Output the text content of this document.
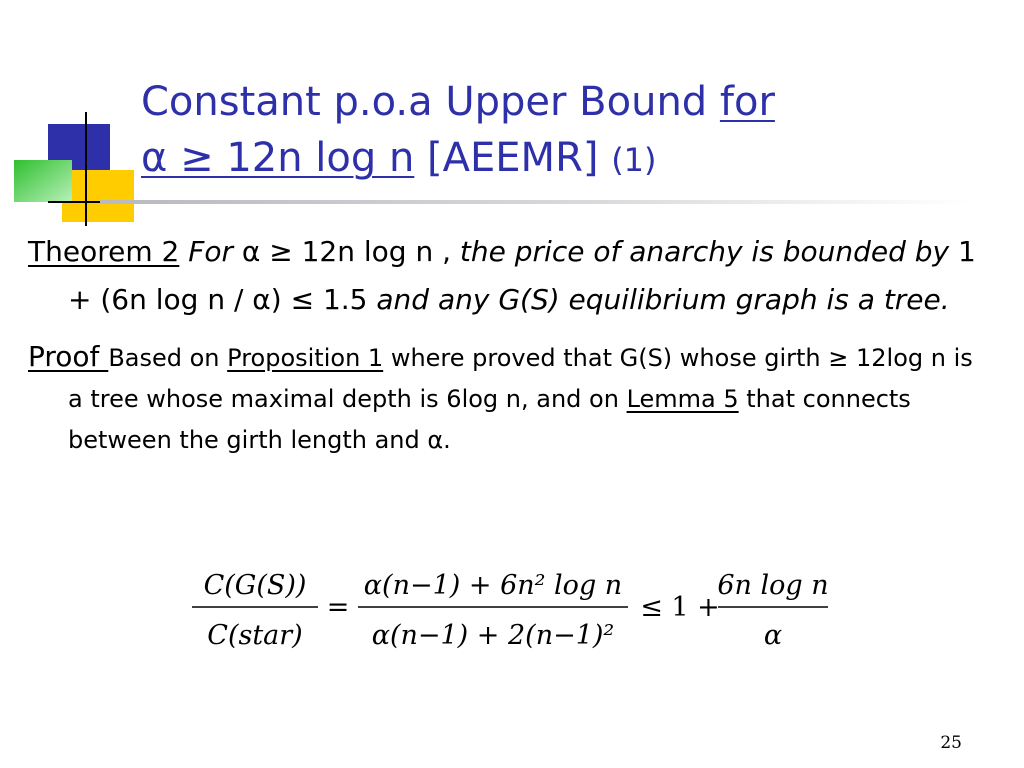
Constant p.o.a Upper Bound for
α ≥ 12n log n [AEEMR] (1)

Theorem 2 For α ≥ 12n log n , the price of anarchy is bounded by 1 + (6n log n / α) ≤ 1.5 and any G(S) equilibrium graph is a tree.

Proof Based on Proposition 1 where proved that G(S) whose girth ≥ 12log n is a tree whose maximal depth is 6log n, and on Lemma 5 that connects between the girth length and α.

C(G(S))
C(star)
=
α(n−1) + 6n² log n
α(n−1) + 2(n−1)²
≤ 1 +
6n log n
α
25
